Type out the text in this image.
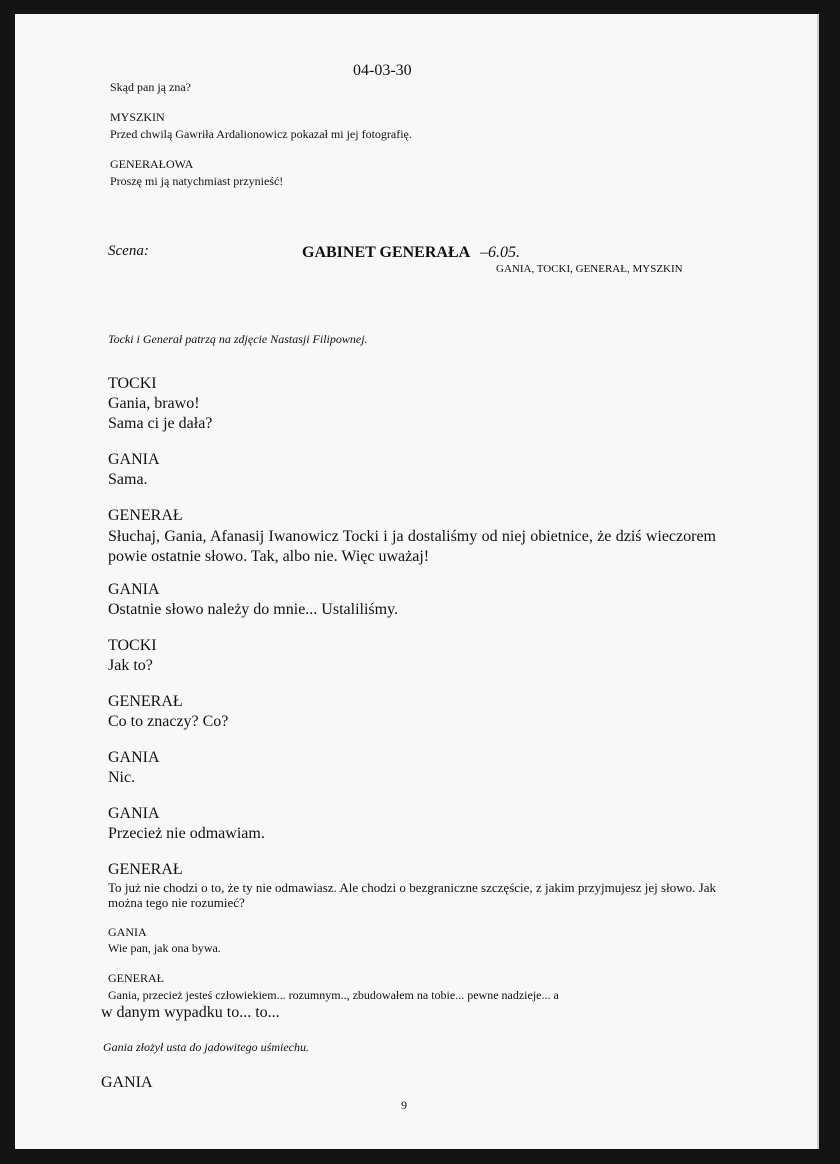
04-03-30
Skąd pan ją zna?
MYSZKIN
Przed chwilą Gawriła Ardalionowicz pokazał mi jej fotografię.
GENERAŁOWA
Proszę mi ją natychmiast przynieść!
Scena:	GABINET GENERAŁA –6.05.
GANIA, TOCKI, GENERAŁ, MYSZKIN
Tocki i Generał patrzą na zdjęcie Nastasji Filipownej.
TOCKI
Gania, brawo!
Sama ci je dała?
GANIA
Sama.
GENERAŁ
Słuchaj, Gania, Afanasij Iwanowicz Tocki i ja dostaliśmy od niej obietnice, że dziś wieczorem powie ostatnie słowo. Tak, albo nie. Więc uważaj!
GANIA
Ostatnie słowo należy do mnie... Ustaliliśmy.
TOCKI
Jak to?
GENERAŁ
Co to znaczy? Co?
GANIA
Nic.
GANIA
Przecież nie odmawiam.
GENERAŁ
To już nie chodzi o to, że ty nie odmawiasz. Ale chodzi o bezgraniczne szczęście, z jakim przyjmujesz jej słowo. Jak można tego nie rozumieć?
GANIA
Wie pan, jak ona bywa.
GENERAŁ
Gania, przecież jesteś człowiekiem... rozumnym.., zbudowałem na tobie... pewne nadzieje... a
w danym wypadku to... to...
Gania złożył usta do jadowitego uśmiechu.
GANIA
9
